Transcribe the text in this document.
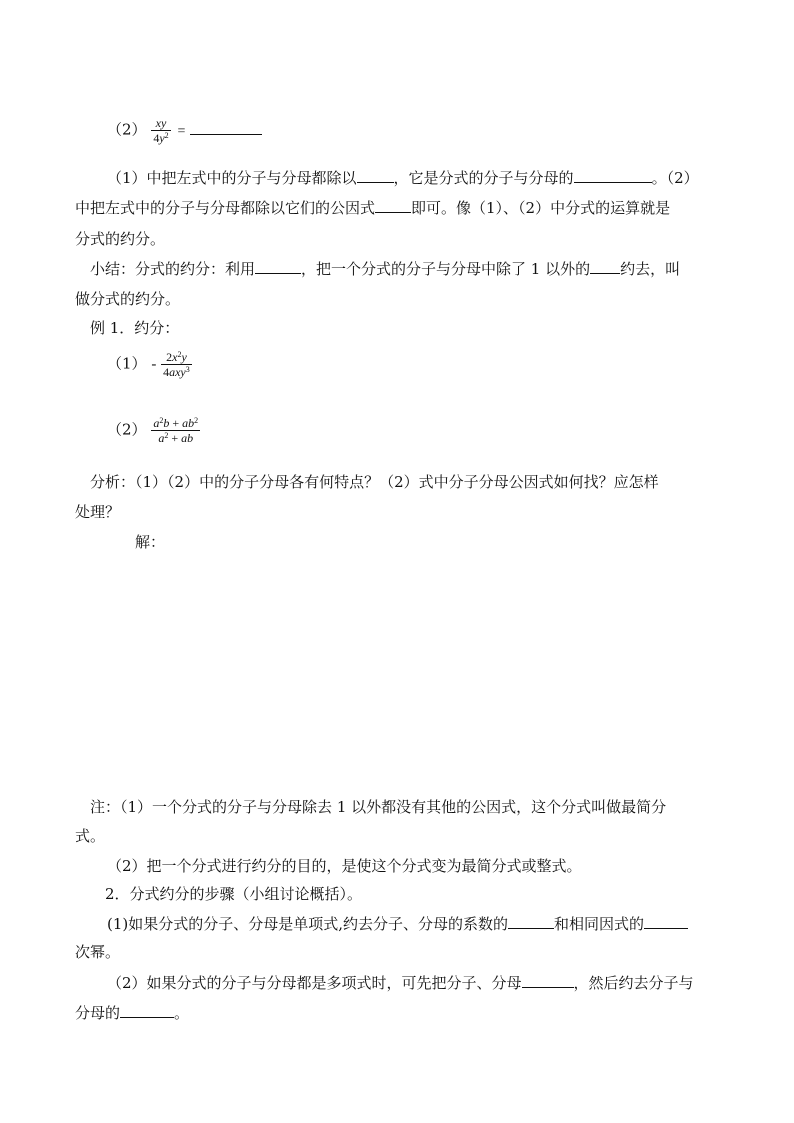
$(2) \frac{xy}{4y^2}$ =
（1）中把左式中的分子与分母都除以 ，它是分式的分子与分母的	。（2）
中把左式中的分子与分母都除以它们的公因式 即可。像（1）、（2）中分式的运算就是
分式的约分。
小结：分式的约分：利用	，把一个分式的分子与分母中除了 1 以外的 约去，叫
做分式的约分。
例 1．约分：
$(1) - \frac{2x^2y}{4axy^3}$
$(2) \frac{a^2b + ab^2}{a^2 + ab}$
分析：（1）（2）中的分子分母各有何特点？（2）式中分子分母公因式如何找？应怎样
处理？
解：
注：（1）一个分式的分子与分母除去 1 以外都没有其他的公因式，这个分式叫做最简分
式。
（2）把一个分式进行约分的目的，是使这个分式变为最简分式或整式。
2．分式约分的步骤（小组讨论概括）。
(1)如果分式的分子、分母是单项式,约去分子、分母的系数的	和相同因式的
次幂。
（2）如果分式的分子与分母都是多项式时，可先把分子、分母	，然后约去分子与
分母的	。
